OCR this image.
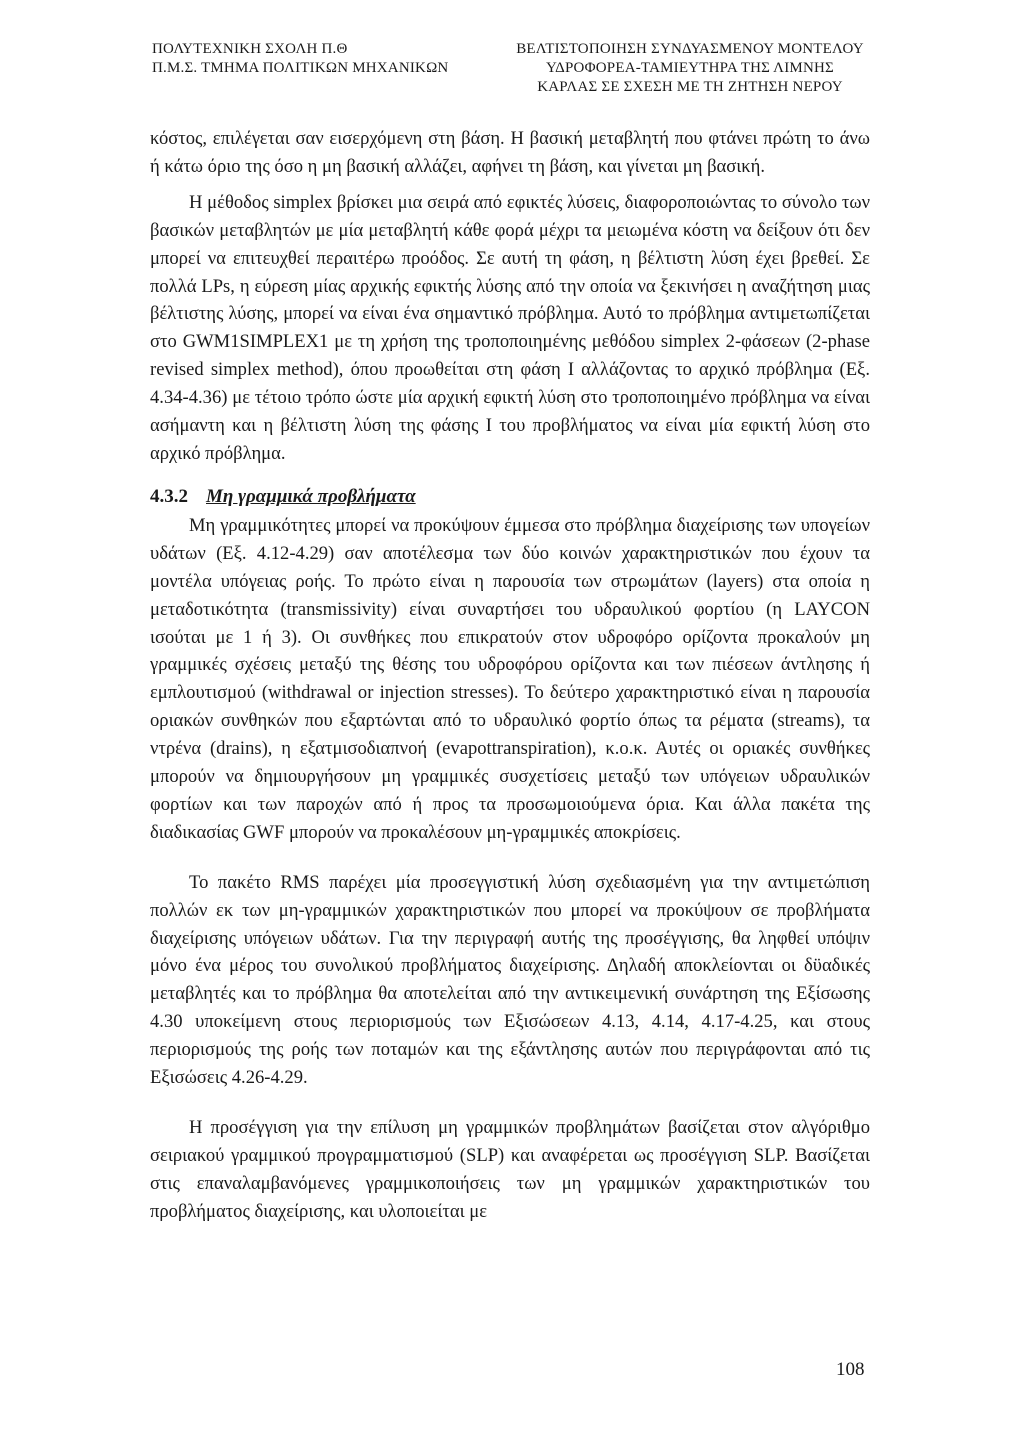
ΠΟΛΥΤΕΧΝΙΚΗ ΣΧΟΛΗ Π.Θ
Π.Μ.Σ. ΤΜΗΜΑ ΠΟΛΙΤΙΚΩΝ ΜΗΧΑΝΙΚΩΝ
ΒΕΛΤΙΣΤΟΠΟΙΗΣΗ ΣΥΝΔΥΑΣΜΕΝΟΥ ΜΟΝΤΕΛΟΥ
ΥΔΡΟΦΟΡΕΑ-ΤΑΜΙΕΥΤΗΡΑ ΤΗΣ ΛΙΜΝΗΣ
ΚΑΡΛΑΣ ΣΕ ΣΧΕΣΗ ΜΕ ΤΗ ΖΗΤΗΣΗ ΝΕΡΟΥ

κόστος, επιλέγεται σαν εισερχόμενη στη βάση. Η βασική μεταβλητή που φτάνει πρώτη το άνω ή κάτω όριο της όσο η μη βασική αλλάζει, αφήνει τη βάση, και γίνεται μη βασική.

Η μέθοδος simplex βρίσκει μια σειρά από εφικτές λύσεις, διαφοροποιώντας το σύνολο των βασικών μεταβλητών με μία μεταβλητή κάθε φορά μέχρι τα μειωμένα κόστη να δείξουν ότι δεν μπορεί να επιτευχθεί περαιτέρω προόδος. Σε αυτή τη φάση, η βέλτιστη λύση έχει βρεθεί. Σε πολλά LPs, η εύρεση μίας αρχικής εφικτής λύσης από την οποία να ξεκινήσει η αναζήτηση μιας βέλτιστης λύσης, μπορεί να είναι ένα σημαντικό πρόβλημα. Αυτό το πρόβλημα αντιμετωπίζεται στο GWM1SIMPLEX1 με τη χρήση της τροποποιημένης μεθόδου simplex 2-φάσεων (2-phase revised simplex method), όπου προωθείται στη φάση I αλλάζοντας το αρχικό πρόβλημα (Εξ. 4.34-4.36) με τέτοιο τρόπο ώστε μία αρχική εφικτή λύση στο τροποποιημένο πρόβλημα να είναι ασήμαντη και η βέλτιστη λύση της φάσης I του προβλήματος να είναι μία εφικτή λύση στο αρχικό πρόβλημα.

4.3.2 Μη γραμμικά προβλήματα

Μη γραμμικότητες μπορεί να προκύψουν έμμεσα στο πρόβλημα διαχείρισης των υπογείων υδάτων (Εξ. 4.12-4.29) σαν αποτέλεσμα των δύο κοινών χαρακτηριστικών που έχουν τα μοντέλα υπόγειας ροής. Το πρώτο είναι η παρουσία των στρωμάτων (layers) στα οποία η μεταδοτικότητα (transmissivity) είναι συναρτήσει του υδραυλικού φορτίου (η LAYCON ισούται με 1 ή 3). Οι συνθήκες που επικρατούν στον υδροφόρο ορίζοντα προκαλούν μη γραμμικές σχέσεις μεταξύ της θέσης του υδροφόρου ορίζοντα και των πιέσεων άντλησης ή εμπλουτισμού (withdrawal or injection stresses). Το δεύτερο χαρακτηριστικό είναι η παρουσία οριακών συνθηκών που εξαρτώνται από το υδραυλικό φορτίο όπως τα ρέματα (streams), τα ντρένα (drains), η εξατμισοδιαπνοή (evapottranspiration), κ.ο.κ. Αυτές οι οριακές συνθήκες μπορούν να δημιουργήσουν μη γραμμικές συσχετίσεις μεταξύ των υπόγειων υδραυλικών φορτίων και των παροχών από ή προς τα προσωμοιούμενα όρια. Και άλλα πακέτα της διαδικασίας GWF μπορούν να προκαλέσουν μη-γραμμικές αποκρίσεις.

Το πακέτο RMS παρέχει μία προσεγγιστική λύση σχεδιασμένη για την αντιμετώπιση πολλών εκ των μη-γραμμικών χαρακτηριστικών που μπορεί να προκύψουν σε προβλήματα διαχείρισης υπόγειων υδάτων. Για την περιγραφή αυτής της προσέγγισης, θα ληφθεί υπόψιν μόνο ένα μέρος του συνολικού προβλήματος διαχείρισης. Δηλαδή αποκλείονται οι δϋαδικές μεταβλητές και το πρόβλημα θα αποτελείται από την αντικειμενική συνάρτηση της Εξίσωσης 4.30 υποκείμενη στους περιορισμούς των Εξισώσεων 4.13, 4.14, 4.17-4.25, και στους περιορισμούς της ροής των ποταμών και της εξάντλησης αυτών που περιγράφονται από τις Εξισώσεις 4.26-4.29.

Η προσέγγιση για την επίλυση μη γραμμικών προβλημάτων βασίζεται στον αλγόριθμο σειριακού γραμμικού προγραμματισμού (SLP) και αναφέρεται ως προσέγγιση SLP. Βασίζεται στις επαναλαμβανόμενες γραμμικοποιήσεις των μη γραμμικών χαρακτηριστικών του προβλήματος διαχείρισης, και υλοποιείται με

108
